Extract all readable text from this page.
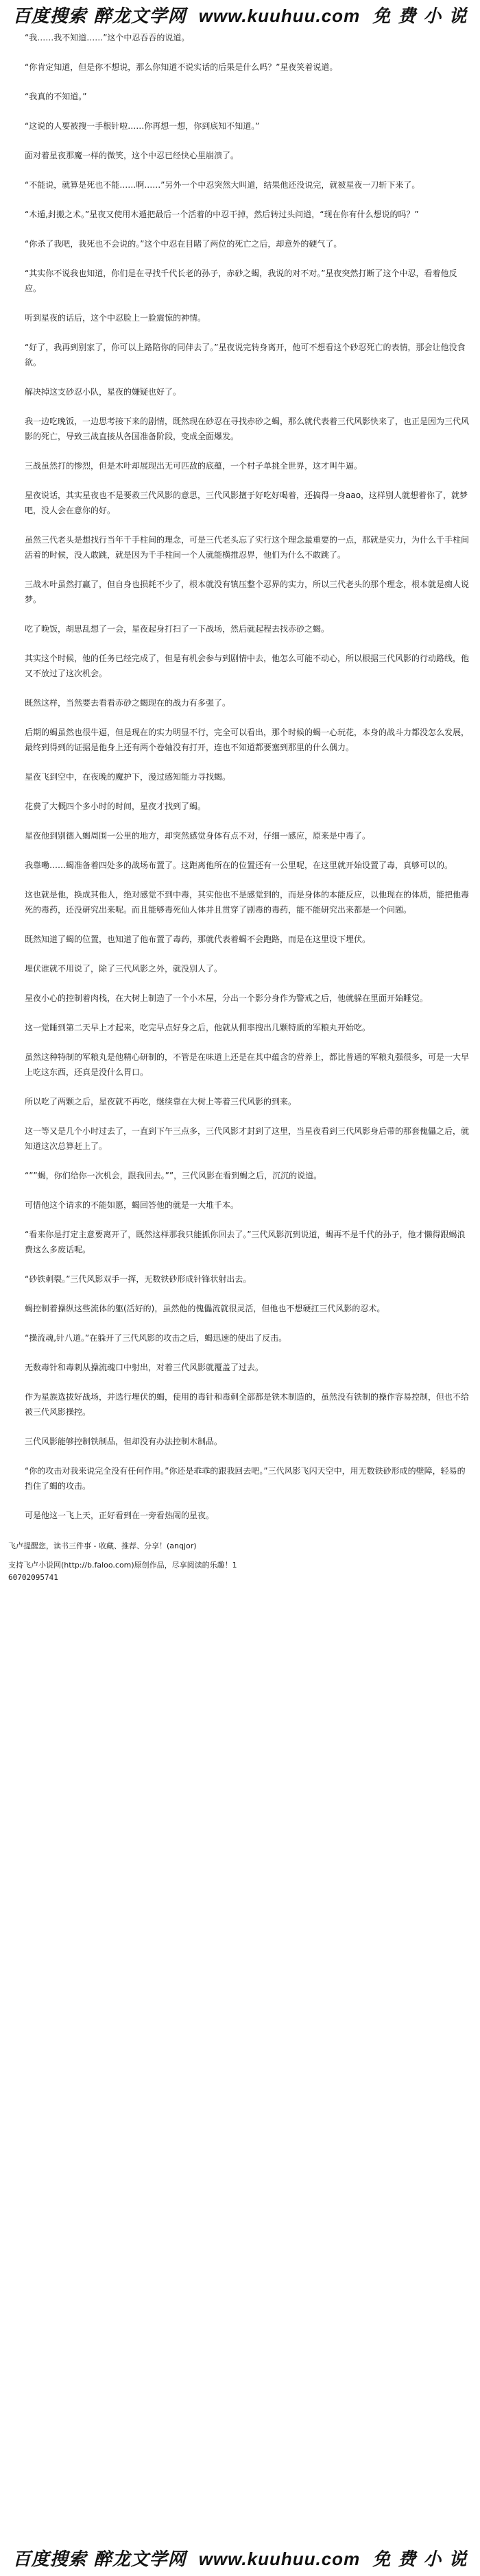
百度搜索 醉龙文学网 www.kuuhuu.com 免 费 小 说

“我……我不知道……”这个中忍吞吞的说道。

“你肯定知道，但是你不想说，那么你知道不说实话的后果是什么吗？”星夜笑着说道。

“我真的不知道。”

“这说的人要被搜一手根针啦……你再想一想，你到底知不知道。”

面对着星夜那魔一样的微笑，这个中忍已经快心里崩溃了。

“不能说，就算是死也不能……啊……”另外一个中忍突然大叫道，结果他还没说完，就被星夜一刀斩下来了。

“木遁,封搬之术。”星夜又使用木遁把最后一个活着的中忍干掉，然后转过头问道，“现在你有什么想说的吗？”

“你杀了我吧，我死也不会说的。”这个中忍在目睹了两位的死亡之后，却意外的硬气了。

“其实你不说我也知道，你们是在寻找千代长老的孙子，赤砂之蝎，我说的对不对。”星夜突然打断了这个中忍，看着他反应。

听到星夜的话后，这个中忍脸上一脸震惊的神情。

“好了，我再到别家了，你可以上路陪你的同伴去了。”星夜说完转身离开，他可不想看这个砂忍死亡的表情，那会让他没食欲。

解决掉这支砂忍小队，星夜的嫌疑也好了。

我一边吃晚饭，一边思考接下来的剧情，既然现在砂忍在寻找赤砂之蝎，那么就代表着三代风影快来了，也正是因为三代风影的死亡，导致三战直接从各国准备阶段，变成全面爆发。

三战虽然打的惨烈，但是木叶却展现出无可匹敌的底蕴，一个村子单挑全世界，这才叫牛逼。

星夜说话，其实星夜也不是要救三代风影的意思，三代风影擅于好吃好喝着，还搞得一身aao，这样别人就想着你了，就梦吧，没人会在意你的好。

虽然三代老头是想找行当年千手柱间的理念，可是三代老头忘了实行这个理念最重要的一点，那就是实力，为什么千手柱间活着的时候，没人敢跳，就是因为千手柱间一个人就能横推忍界，他们为什么不敢跳了。

三战木叶虽然打赢了，但自身也损耗不少了，根本就没有镇压整个忍界的实力，所以三代老头的那个理念，根本就是痴人说梦。

吃了晚饭，胡思乱想了一会，星夜起身打扫了一下战场，然后就起程去找赤砂之蝎。

其实这个时候，他的任务已经完成了，但是有机会参与到剧情中去，他怎么可能不动心，所以根据三代风影的行动路线，他又不放过了这次机会。

既然这样，当然要去看看赤砂之蝎现在的战力有多强了。

后期的蝎虽然也很牛逼，但是现在的实力明显不行，完全可以看出，那个时候的蝎一心玩花，本身的战斗力都没怎么发展，最终到得到的证据是他身上还有两个卷轴没有打开，连也不知道都要塞到那里的什么偶力。

星夜飞到空中，在夜晚的魔护下，漫过感知能力寻找蝎。

花费了大概四个多小时的时间，星夜才找到了蝎。

星夜他到别德入蝎周围一公里的地方，却突然感觉身体有点不对，仔细一感应，原来是中毒了。

我靠嘞……蝎准备着四处多的战场布置了。这距离他所在的位置还有一公里呢，在这里就开始设置了毒，真够可以的。

这也就是他，换成其他人，绝对感觉不到中毒，其实他也不是感觉到的，而是身体的本能反应，以他现在的体质，能把他毒死的毒药，还没研究出来呢。而且能够毒死仙人体并且贯穿了剧毒的毒药，能不能研究出来都是一个问题。

既然知道了蝎的位置，也知道了他布置了毒药，那就代表着蝎不会跑路，而是在这里设下埋伏。

埋伏谁就不用说了，除了三代风影之外，就没别人了。

星夜小心的控制着肉栈，在大树上制造了一个小木屋，分出一个影分身作为警戒之后，他就躲在里面开始睡觉。

这一觉睡到第二天早上才起来，吃完早点好身之后，他就从佣率搜出几颗特质的军粮丸开始吃。

虽然这种特制的军粮丸是他精心研制的，不管是在味道上还是在其中蕴含的营养上，都比普通的军粮丸强很多，可是一大早上吃这东西，还真是没什么胃口。

所以吃了两颗之后，星夜就不再吃，继续靠在大树上等着三代风影的到来。

这一等又是几个小时过去了，一直到下午三点多，三代风影才封到了这里，当星夜看到三代风影身后带的那套傀儡之后，就知道这次总算赶上了。

“””蝎，你们给你一次机会，跟我回去。””，三代风影在看到蝎之后，沉沉的说道。

可惜他这个请求的不能如愿，蝎回答他的就是一大堆千本。

“看来你是打定主意要离开了，既然这样那我只能抓你回去了。”三代风影沉到说道，蝎再不是千代的孙子，他才懒得跟蝎浪费这么多废话呢。

“砂铁刺裂。”三代风影双手一挥，无数铁砂形成针锋状射出去。

蝎控制着操纵这些流体的躯(活好的)，虽然他的傀儡流就很灵活，但他也不想硬扛三代风影的忍术。

“操流魂,针八道。”在躲开了三代风影的攻击之后，蝎迅速的使出了反击。

无数毒针和毒刺从操流魂口中射出，对着三代风影就覆盖了过去。

作为星族选拔好战场，并选行埋伏的蝎，使用的毒针和毒刺全部都是铁木制造的，虽然没有铁制的操作容易控制，但也不给被三代风影操控。

三代风影能够控制铁制品，但却没有办法控制木制品。

“你的攻击对我来说完全没有任何作用。”你还是乖乖的跟我回去吧。”三代风影飞闪天空中，用无数铁砂形成的壁障，轻易的挡住了蝎的攻击。

可是他这一飞上天，正好看到在一旁看热闹的星夜。

飞卢提醒您，读书三件事 - 收藏、推荐、分享！(anqjor)

支持飞卢小说网(http://b.faloo.com)原创作品，尽享阅读的乐趣！1

60702095741

百度搜索 醉龙文学网 www.kuuhuu.com 免 费 小 说
